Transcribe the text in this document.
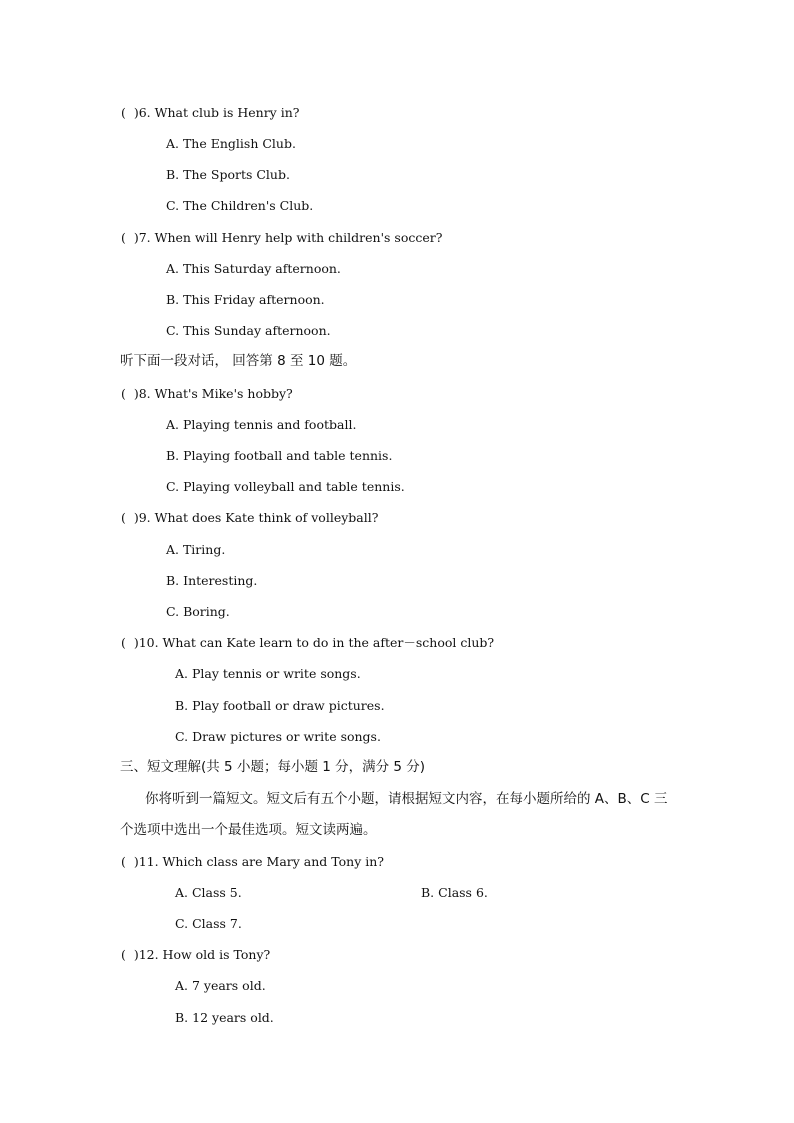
(  )6. What club is Henry in?
A. The English Club.
B. The Sports Club.
C. The Children's Club.
(  )7. When will Henry help with children's soccer?
A. This Saturday afternoon.
B. This Friday afternoon.
C. This Sunday afternoon.
听下面一段对话， 回答第 8 至 10 题。
(  )8. What's Mike's hobby?
A. Playing tennis and football.
B. Playing football and table tennis.
C. Playing volleyball and table tennis.
(  )9. What does Kate think of volleyball?
A. Tiring.
B. Interesting.
C. Boring.
(  )10. What can Kate learn to do in the after－school club?
A. Play tennis or write songs.
B. Play football or draw pictures.
C. Draw pictures or write songs.
三、短文理解(共 5 小题；每小题 1 分，满分 5 分)
你将听到一篇短文。短文后有五个小题，请根据短文内容，在每小题所给的 A、B、C 三
个选项中选出一个最佳选项。短文读两遍。
(  )11. Which class are Mary and Tony in?
A. Class 5.	B. Class 6.
C. Class 7.
(  )12. How old is Tony?
A. 7 years old.
B. 12 years old.
